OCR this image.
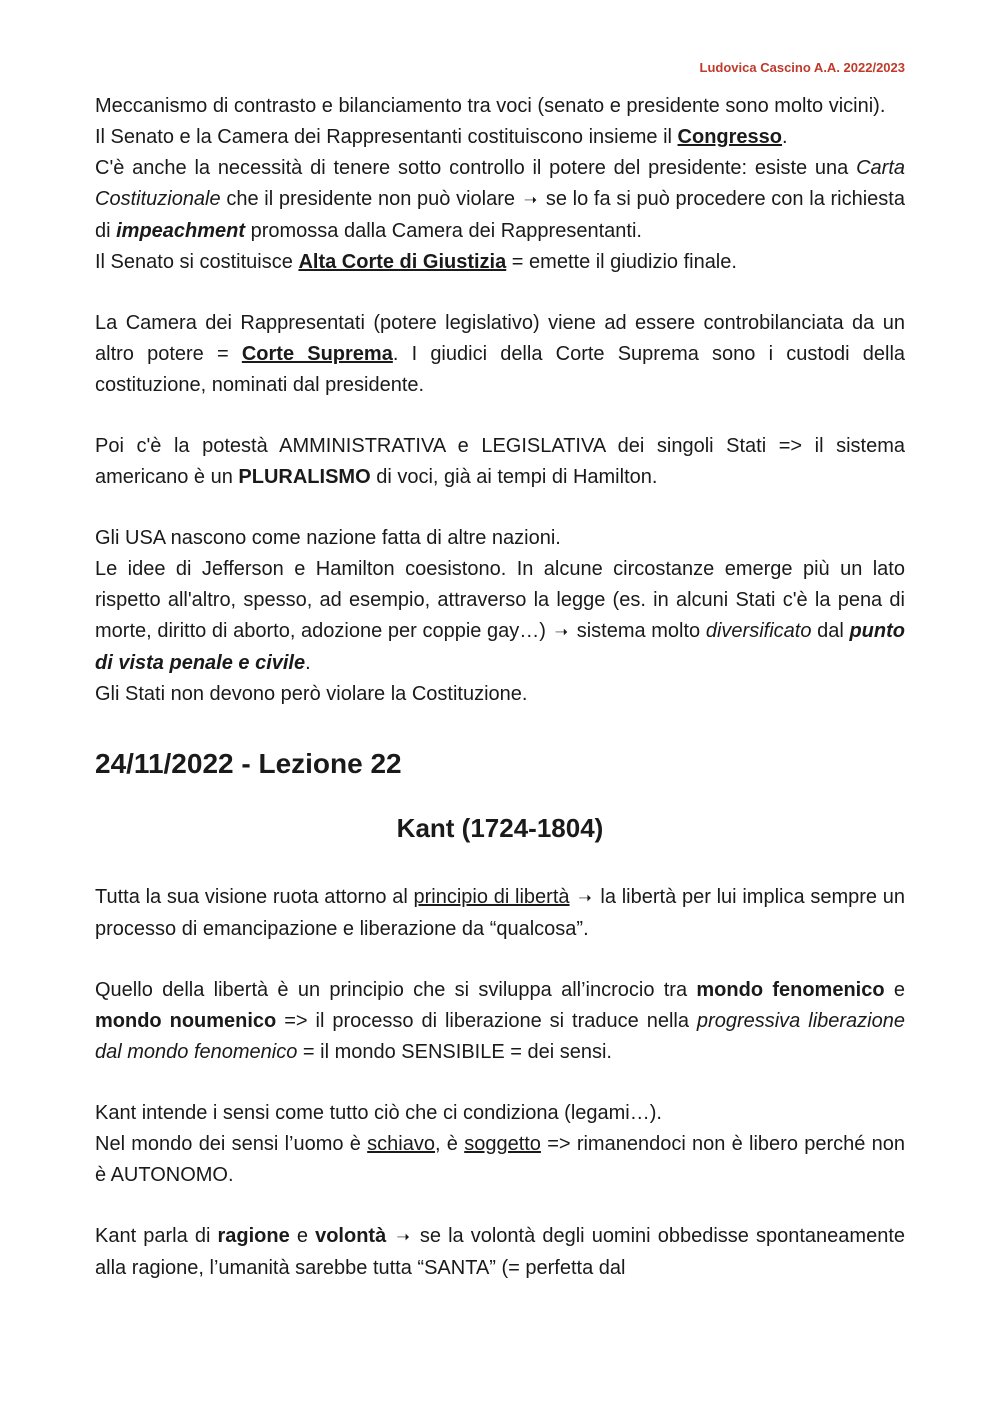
Ludovica Cascino A.A. 2022/2023

Meccanismo di contrasto e bilanciamento tra voci (senato e presidente sono molto vicini).
Il Senato e la Camera dei Rappresentanti costituiscono insieme il Congresso.
C'è anche la necessità di tenere sotto controllo il potere del presidente: esiste una Carta Costituzionale che il presidente non può violare ➝ se lo fa si può procedere con la richiesta di impeachment promossa dalla Camera dei Rappresentanti.
Il Senato si costituisce Alta Corte di Giustizia = emette il giudizio finale.

La Camera dei Rappresentati (potere legislativo) viene ad essere controbilanciata da un altro potere = Corte Suprema. I giudici della Corte Suprema sono i custodi della costituzione, nominati dal presidente.

Poi c'è la potestà AMMINISTRATIVA e LEGISLATIVA dei singoli Stati => il sistema americano è un PLURALISMO di voci, già ai tempi di Hamilton.

Gli USA nascono come nazione fatta di altre nazioni.
Le idee di Jefferson e Hamilton coesistono. In alcune circostanze emerge più un lato rispetto all'altro, spesso, ad esempio, attraverso la legge (es. in alcuni Stati c'è la pena di morte, diritto di aborto, adozione per coppie gay…) ➝ sistema molto diversificato dal punto di vista penale e civile.
Gli Stati non devono però violare la Costituzione.

24/11/2022 - Lezione 22
Kant (1724-1804)

Tutta la sua visione ruota attorno al principio di libertà ➝ la libertà per lui implica sempre un processo di emancipazione e liberazione da “qualcosa”.

Quello della libertà è un principio che si sviluppa all’incrocio tra mondo fenomenico e mondo noumenico => il processo di liberazione si traduce nella progressiva liberazione dal mondo fenomenico = il mondo SENSIBILE = dei sensi.

Kant intende i sensi come tutto ciò che ci condiziona (legami…).
Nel mondo dei sensi l’uomo è schiavo, è soggetto => rimanendoci non è libero perché non è AUTONOMO.

Kant parla di ragione e volontà ➝ se la volontà degli uomini obbedisse spontaneamente alla ragione, l’umanità sarebbe tutta “SANTA” (= perfetta dal
